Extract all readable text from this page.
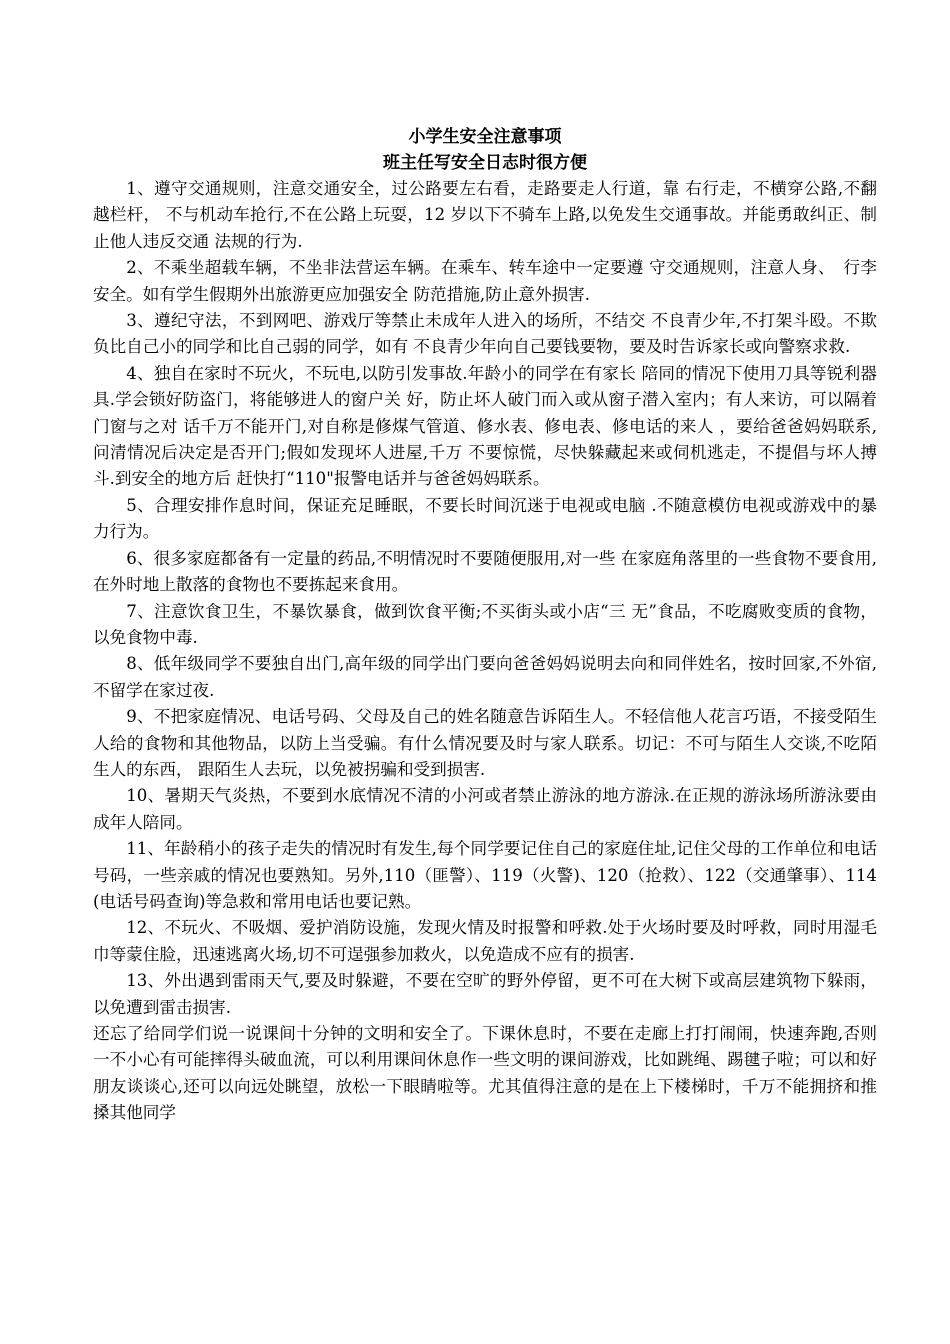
小学生安全注意事项
班主任写安全日志时很方便

1、遵守交通规则，注意交通安全，过公路要左右看，走路要走人行道，靠 右行走，不横穿公路,不翻越栏杆， 不与机动车抢行,不在公路上玩耍，12 岁以下不骑车上路,以免发生交通事故。并能勇敢纠正、制止他人违反交通 法规的行为.

2、不乘坐超载车辆，不坐非法营运车辆。在乘车、转车途中一定要遵 守交通规则，注意人身、　行李安全。如有学生假期外出旅游更应加强安全 防范措施,防止意外损害.

3、遵纪守法，不到网吧、游戏厅等禁止未成年人进入的场所，不结交 不良青少年,不打架斗殴。不欺负比自己小的同学和比自己弱的同学，如有 不良青少年向自己要钱要物，要及时告诉家长或向警察求救.

4、独自在家时不玩火，不玩电,以防引发事故.年龄小的同学在有家长 陪同的情况下使用刀具等锐利器具.学会锁好防盗门，将能够进人的窗户关 好，防止坏人破门而入或从窗子潜入室内；有人来访，可以隔着门窗与之对 话千万不能开门,对自称是修煤气管道、修水表、修电表、修电话的来人 ，要给爸爸妈妈联系,问清情况后决定是否开门;假如发现坏人进屋,千万 不要惊慌，尽快躲藏起来或伺机逃走，不提倡与坏人搏斗.到安全的地方后 赶快打“110"报警电话并与爸爸妈妈联系。

5、合理安排作息时间，保证充足睡眠，不要长时间沉迷于电视或电脑 .不随意模仿电视或游戏中的暴力行为。

6、很多家庭都备有一定量的药品,不明情况时不要随便服用,对一些 在家庭角落里的一些食物不要食用,在外时地上散落的食物也不要拣起来食用。

7、注意饮食卫生，不暴饮暴食，做到饮食平衡;不买街头或小店“三 无”食品，不吃腐败变质的食物，以免食物中毒.

8、低年级同学不要独自出门,高年级的同学出门要向爸爸妈妈说明去向和同伴姓名，按时回家,不外宿,不留学在家过夜.

9、不把家庭情况、电话号码、父母及自己的姓名随意告诉陌生人。不轻信他人花言巧语，不接受陌生人给的食物和其他物品，以防上当受骗。有什么情况要及时与家人联系。切记：不可与陌生人交谈,不吃陌生人的东西， 跟陌生人去玩，以免被拐骗和受到损害.

10、暑期天气炎热，不要到水底情况不清的小河或者禁止游泳的地方游泳.在正规的游泳场所游泳要由成年人陪同。

11、年龄稍小的孩子走失的情况时有发生,每个同学要记住自己的家庭住址,记住父母的工作单位和电话号码，一些亲戚的情况也要熟知。另外,110（匪警）、119（火警)、120（抢救）、122（交通肇事）、114(电话号码查询)等急救和常用电话也要记熟。

12、不玩火、不吸烟、爱护消防设施，发现火情及时报警和呼救.处于火场时要及时呼救，同时用湿毛巾等蒙住脸，迅速逃离火场,切不可逞强参加救火，以免造成不应有的损害.

13、外出遇到雷雨天气,要及时躲避，不要在空旷的野外停留，更不可在大树下或高层建筑物下躲雨，以免遭到雷击损害.

还忘了给同学们说一说课间十分钟的文明和安全了。下课休息时，不要在走廊上打打闹闹，快速奔跑,否则一不小心有可能摔得头破血流，可以利用课间休息作一些文明的课间游戏，比如跳绳、踢毽子啦；可以和好朋友谈谈心,还可以向远处眺望，放松一下眼睛啦等。尤其值得注意的是在上下楼梯时，千万不能拥挤和推搡其他同学
